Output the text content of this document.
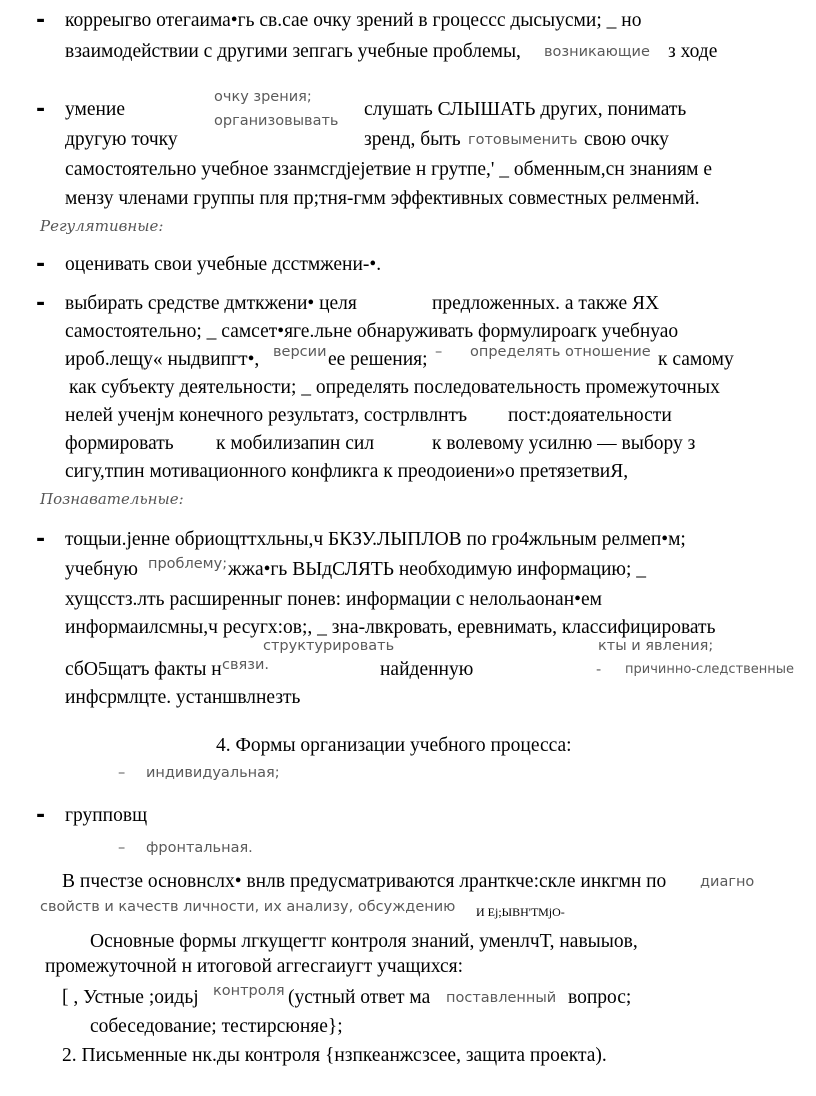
- корреыгво отегаима•гь св.сае очку зрений в гроцессс дысыусми; _ но
взаимодействии с другими зепгагь учебные проблемы, возникающие з ходе
очку зрения;
- умение	слушать СЛЫШАТЬ других, понимать
организовывать
другую точку	зренд, быть готовыменить свою очку
самостоятельно учебное ззанмсгдјејетвие н грутпе,' _ обменным,сн знаниям е
мензу членами группы пля пр;тня-гмм эффективных совместных релменмй.
Регулятивные:
- оценивать свои учебные дсстмжени-•.
- выбирать средстве дмткжени• целя	предложенных. а также ЯХ
самостоятельно; _ самсет•яге.льне обнаруживать формулироагк учебнуао
ироб.лещу« ныдвипгт•, версии ее решения; – определять отношение к самому
как субъекту деятельности; _ определять последовательность промежуточных
нелей ученјм конечного результатз, сострлвлнтъ пост:дояательности
формировать к мобилизапин сил	к волевому усилню — выбору з
сигу,тпин мотивационного конфликга к преодоиени»о претязетвиЯ,
Познавательные:
- тощыи.јенне обриощттхльны,ч БКЗУ.ЛЫПЛОВ по гро4жльным релмеп•м;
учебную проблему; жжа•гь ВЫдСЛЯТЬ необходимую информацию; _
хущсстз.лть расширенныг понев: информации с нелольаонан•ем
информаилсмны,ч ресугх:ов;, _ зна-лвкровать, еревнимать, классифицировать
структурировать	кты и явления;
сбО5щатъ факты н связи.	найденную	- причинно-следственные
инфсрмлцте. устаншвлнезть
4. Формы организации учебного процесса:
– индивидуальная;
- групповщ
– фронтальная.
В пчестзе основнслх• внлв предусматриваются лранткче:скле инкгмн по диагно
свойств и качеств личности, их анализу, обсуждению И Ej;ЫВН'ТМјО-
Основные формы лгкущегтг контроля знаний, уменлчТ, навыыов,
промежуточной н итоговой аггесгаиугт учащихся:
[ , Устные ;оидьј контроля (устный ответ ма поставленный вопрос;
собеседование; тестирсюняе};
2. Письменные нк.ды контроля {нзпкеанжсзсее, защита проекта).
